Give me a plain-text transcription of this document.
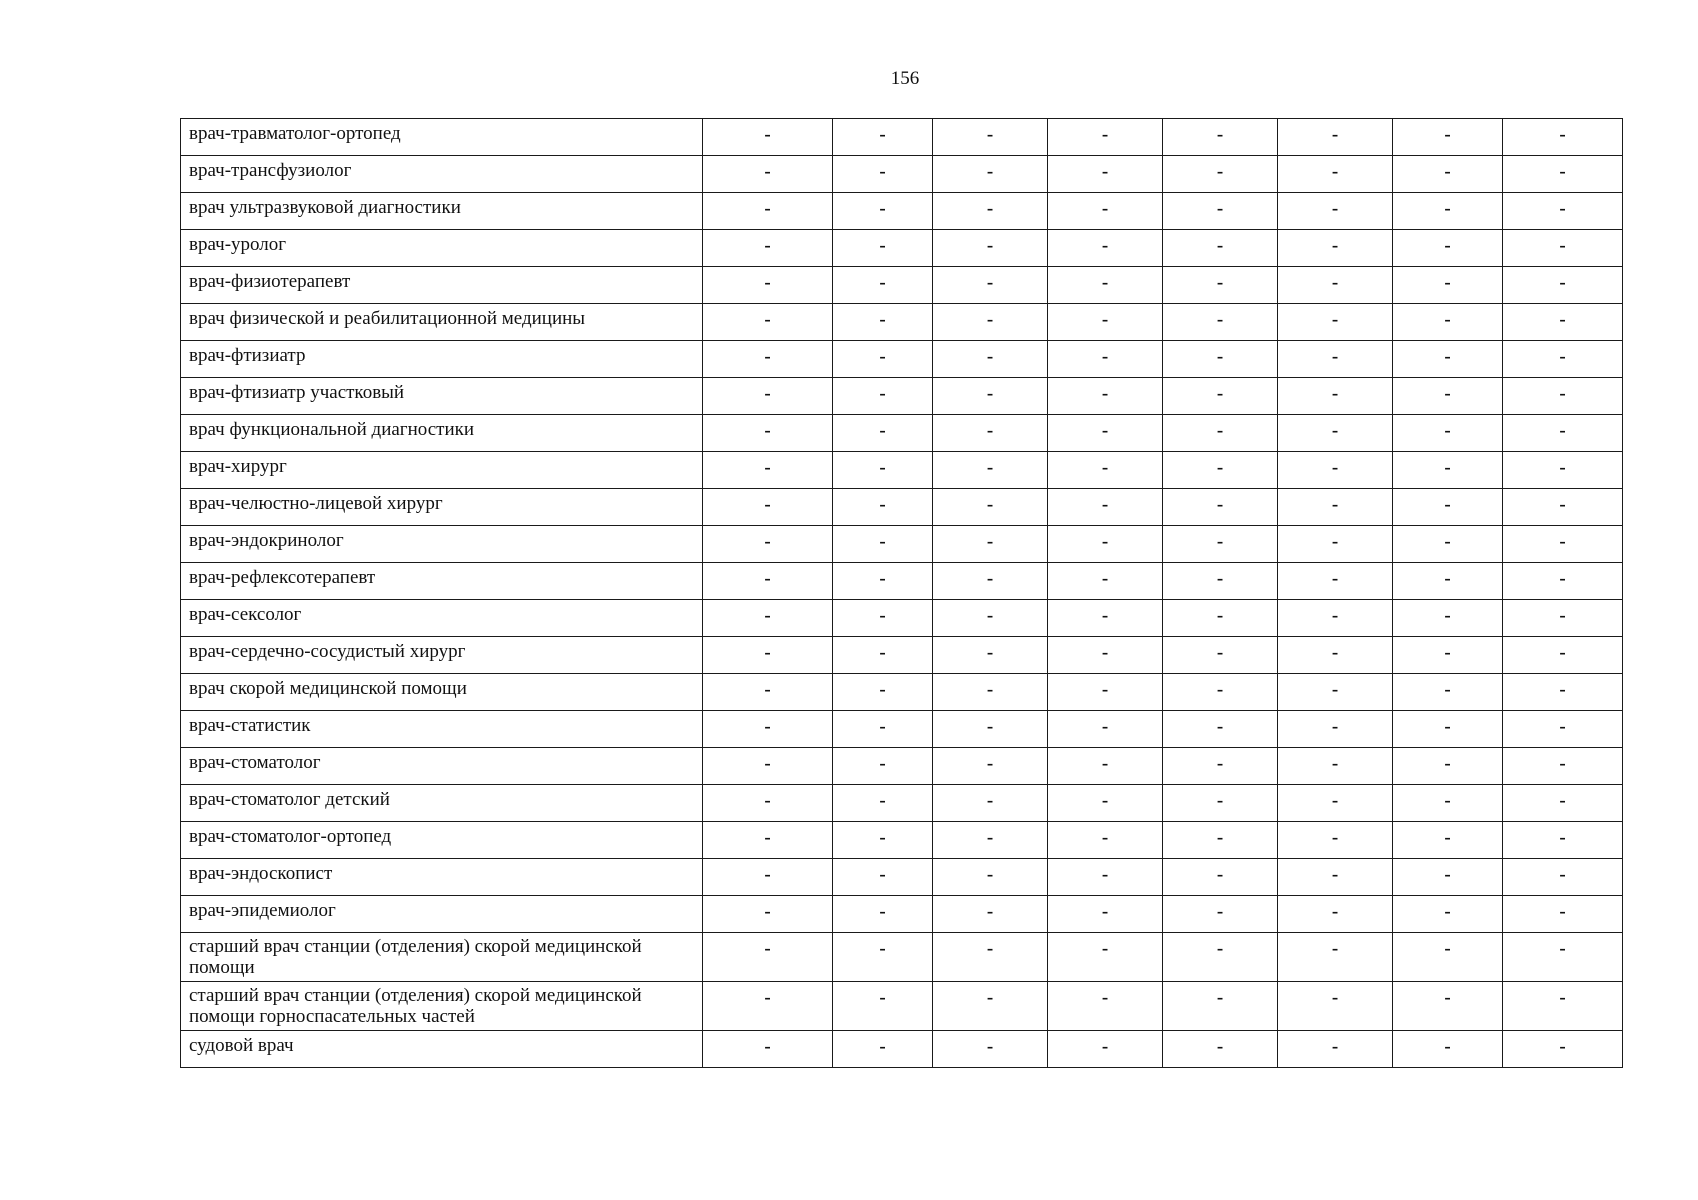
156
врач-травматолог-ортопед	-	-	-	-	-	-	-	-
врач-трансфузиолог	-	-	-	-	-	-	-	-
врач ультразвуковой диагностики	-	-	-	-	-	-	-	-
врач-уролог	-	-	-	-	-	-	-	-
врач-физиотерапевт	-	-	-	-	-	-	-	-
врач физической и реабилитационной медицины	-	-	-	-	-	-	-	-
врач-фтизиатр	-	-	-	-	-	-	-	-
врач-фтизиатр участковый	-	-	-	-	-	-	-	-
врач функциональной диагностики	-	-	-	-	-	-	-	-
врач-хирург	-	-	-	-	-	-	-	-
врач-челюстно-лицевой хирург	-	-	-	-	-	-	-	-
врач-эндокринолог	-	-	-	-	-	-	-	-
врач-рефлексотерапевт	-	-	-	-	-	-	-	-
врач-сексолог	-	-	-	-	-	-	-	-
врач-сердечно-сосудистый хирург	-	-	-	-	-	-	-	-
врач скорой медицинской помощи	-	-	-	-	-	-	-	-
врач-статистик	-	-	-	-	-	-	-	-
врач-стоматолог	-	-	-	-	-	-	-	-
врач-стоматолог детский	-	-	-	-	-	-	-	-
врач-стоматолог-ортопед	-	-	-	-	-	-	-	-
врач-эндоскопист	-	-	-	-	-	-	-	-
врач-эпидемиолог	-	-	-	-	-	-	-	-
старший врач станции (отделения) скорой медицинской помощи	-	-	-	-	-	-	-	-
старший врач станции (отделения) скорой медицинской помощи горноспасательных частей	-	-	-	-	-	-	-	-
судовой врач	-	-	-	-	-	-	-	-
